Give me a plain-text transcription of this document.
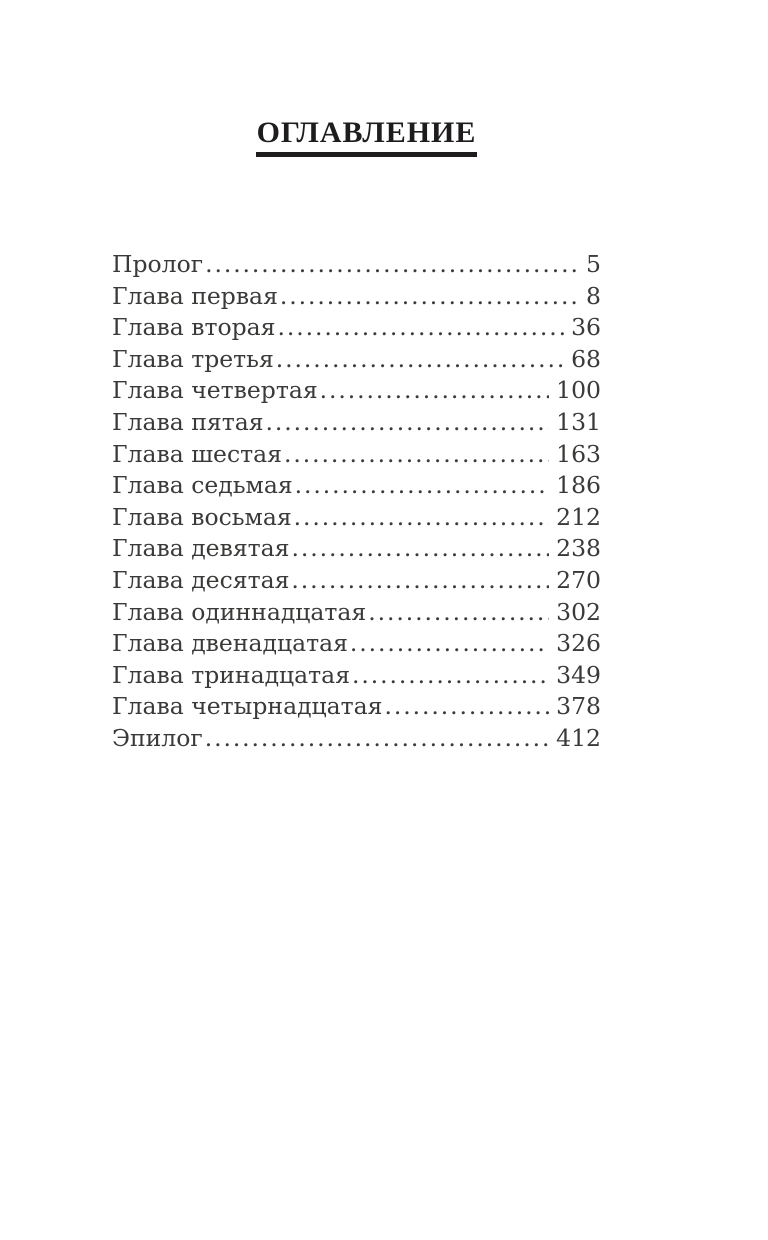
ОГЛАВЛЕНИЕ
Пролог .....	5
Глава первая .....	8
Глава вторая .....	36
Глава третья .....	68
Глава четвертая .....	100
Глава пятая .....	131
Глава шестая .....	163
Глава седьмая .....	186
Глава восьмая .....	212
Глава девятая .....	238
Глава десятая .....	270
Глава одиннадцатая .....	302
Глава двенадцатая .....	326
Глава тринадцатая .....	349
Глава четырнадцатая .....	378
Эпилог .....	412
